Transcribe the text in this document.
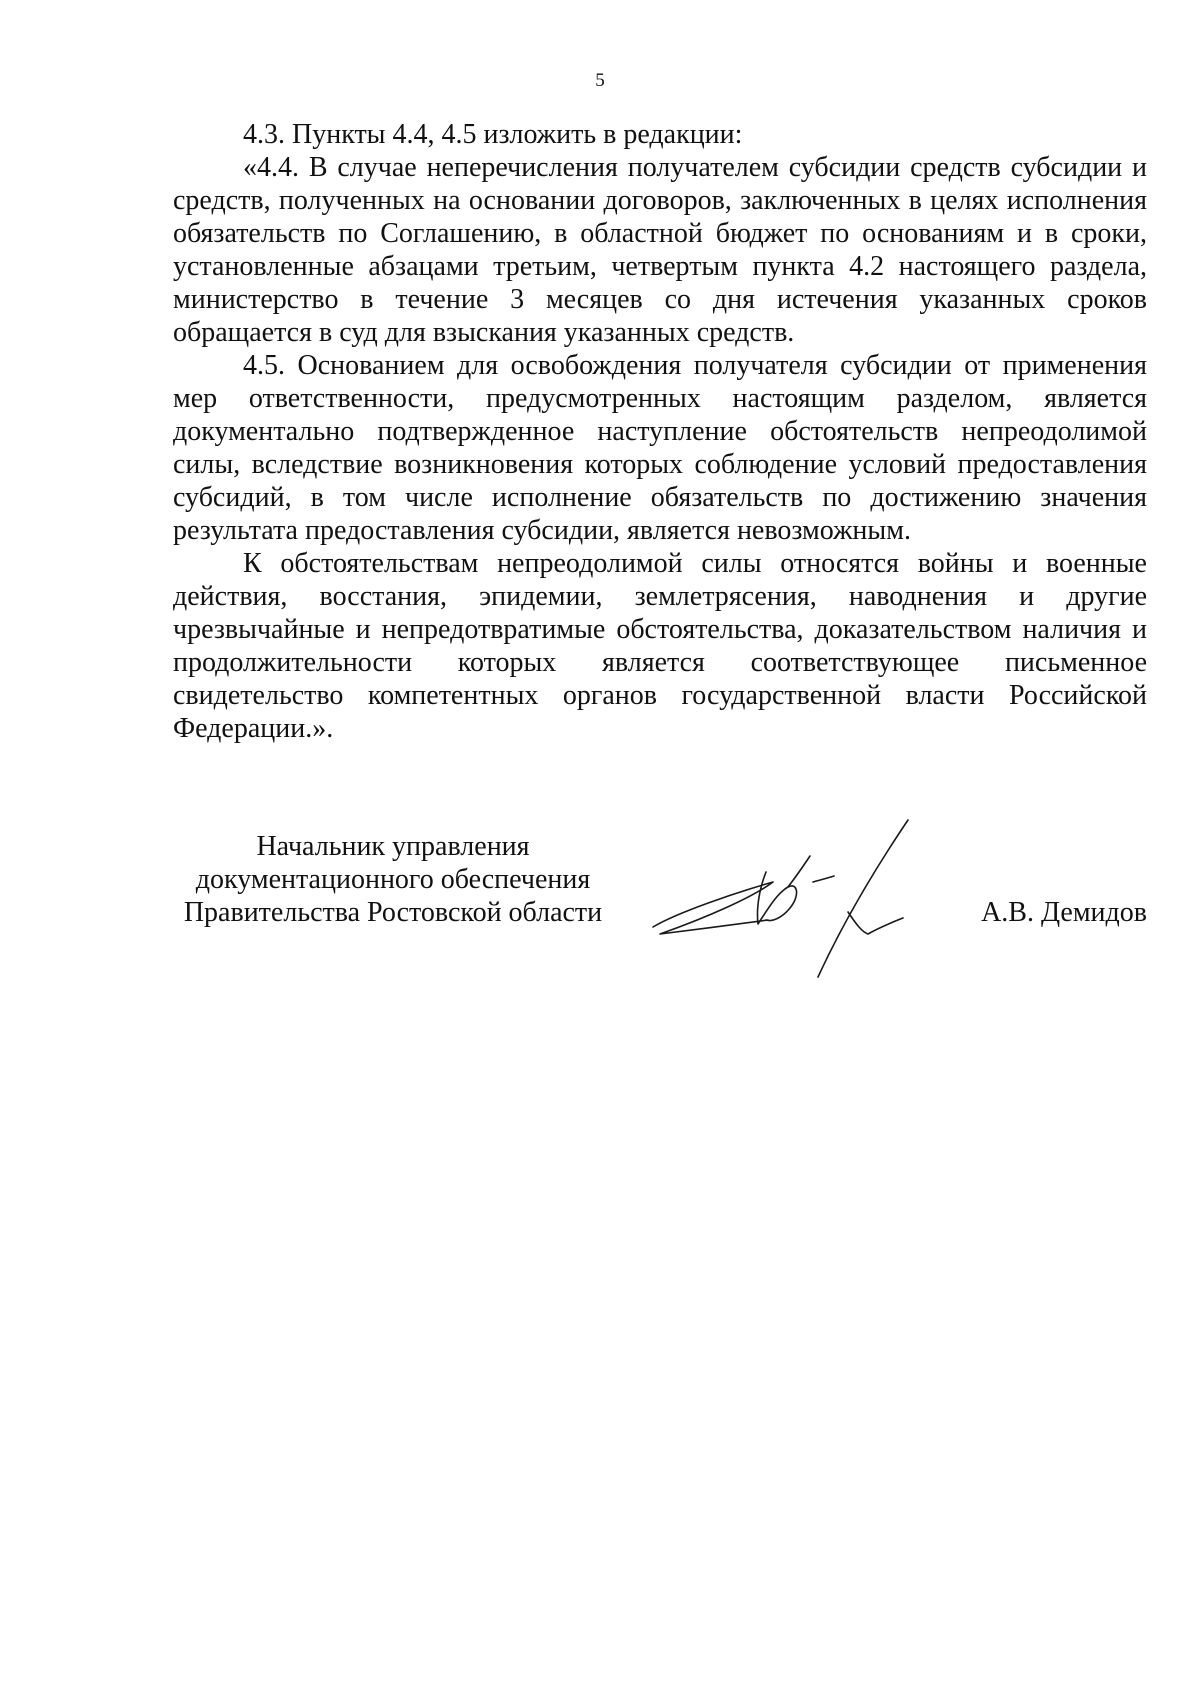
5

4.3. Пункты 4.4, 4.5 изложить в редакции:

«4.4. В случае неперечисления получателем субсидии средств субсидии и средств, полученных на основании договоров, заключенных в целях исполнения обязательств по Соглашению, в областной бюджет по основаниям и в сроки, установленные абзацами третьим, четвертым пункта 4.2 настоящего раздела, министерство в течение 3 месяцев со дня истечения указанных сроков обращается в суд для взыскания указанных средств.

4.5. Основанием для освобождения получателя субсидии от применения мер ответственности, предусмотренных настоящим разделом, является документально подтвержденное наступление обстоятельств непреодолимой силы, вследствие возникновения которых соблюдение условий предоставления субсидий, в том числе исполнение обязательств по достижению значения результата предоставления субсидии, является невозможным.

К обстоятельствам непреодолимой силы относятся войны и военные действия, восстания, эпидемии, землетрясения, наводнения и другие чрезвычайные и непредотвратимые обстоятельства, доказательством наличия и продолжительности которых является соответствующее письменное свидетельство компетентных органов государственной власти Российской Федерации.».

Начальник управления
документационного обеспечения
Правительства Ростовской области	А.В. Демидов
